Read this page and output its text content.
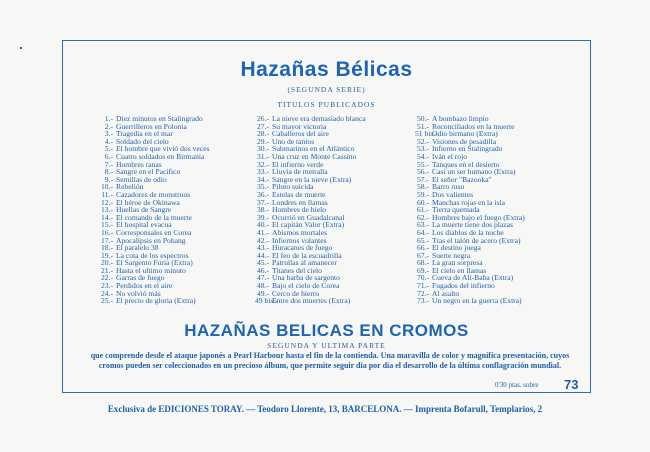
Hazañas Bélicas
(SEGUNDA SERIE)
TITULOS PUBLICADOS
1.- Diez minutos en Stalingrado
2.- Guerrilleros en Polonia
3.- Tragedia en el mar
4.- Soldado del cielo
5.- El hombre que vivió dos veces
6.- Cuatro soldados en Birmania
7.- Hombres ranas
8.- Sangre en el Pacifico
9.- Semillas de odio
10.- Rebelión
11.- Cazadores de monstruos
12.- El héroe de Okinawa
13.- Huellas de Sangre
14.- El comando de la muerte
15.- El hospital evacua
16.- Corresponsales en Corea
17.- Apocalipsis en Pohang
18.- El paralelo 38
19.- La cota de los espectros
20.- El Sargento Furia (Extra)
21.- Hasta el ultimo minuto
22.- Garras de fuego
23.- Perdidos en el aire
24.- No volvió más
25.- El precio de gloria (Extra)
26.- La nieve era demasiado blanca
27.- Su mayor victoria
28.- Caballeros del aire
29.- Uno de tantos
30.- Submarinos en el Atlántico
31.- Una cruz en Monte Cassino
32.- El infierno verde
33.- Lluvia de metralla
34.- Sangre en la nieve (Extra)
35.- Piloto suicida
36.- Estelas de muerte
37.- Londres en llamas
38.- Hombres de hielo
39.- Ocurrió en Guadalcanal
40.- El capitán Valor (Extra)
41.- Abismos mortales
42.- Infiernos volantes
43.- Huracanes de fuego
44.- El feo de la escuadrilla
45.- Patrullas al amanecer
46.- Titanes del cielo
47.- Una barba de sargento
48.- Bajo el cielo de Corea
49.- Cerco de hierro
49 bis.-
Entre dos muertes (Extra)
50.- A bombazo limpio
51.- Reconciliados en la muerte
51 bis.-
Odio birmano (Extra)
52.- Visiones de pesadilla
53.- Infierno en Stalingrado
54.- Iván el rojo
55.- Tanques en el desierto
56.- Casi un ser humano (Extra)
57.- El señor "Bazooka"
58.- Barro ruso
59.- Dos valientes
60.- Manchas rojas en la isla
61.- Tierra quemada
62.- Hombres bajo el fuego (Extra)
63.- La muerte tiene dos plazas
64.- Los diablos de la noche
65.- Tras el talón de acero (Extra)
66.- El destino juega
67.- Suerte negra
68.- La gran sorpresa
69.- El cielo en llamas
70.- Cueva de Alí-Baba (Extra)
71.- Fugados del infierno
72.- Al asalto
73.- Un negro en la guerra (Extra)
HAZAÑAS BELICAS EN CROMOS
SEGUNDA Y ULTIMA PARTE
que comprende desde el ataque japonés a Pearl Harbour hasta el fin de la contienda. Una maravilla de color y magnífica presentación, cuyos cromos pueden ser coleccionados en un precioso álbum, que permite seguir día por día el desarrollo de la última conflagración mundial.
0'30 ptas. sobre 73
Exclusiva de EDICIONES TORAY. — Teodoro Llorente, 13, BARCELONA. — Imprenta Bofarull, Templarios, 2
